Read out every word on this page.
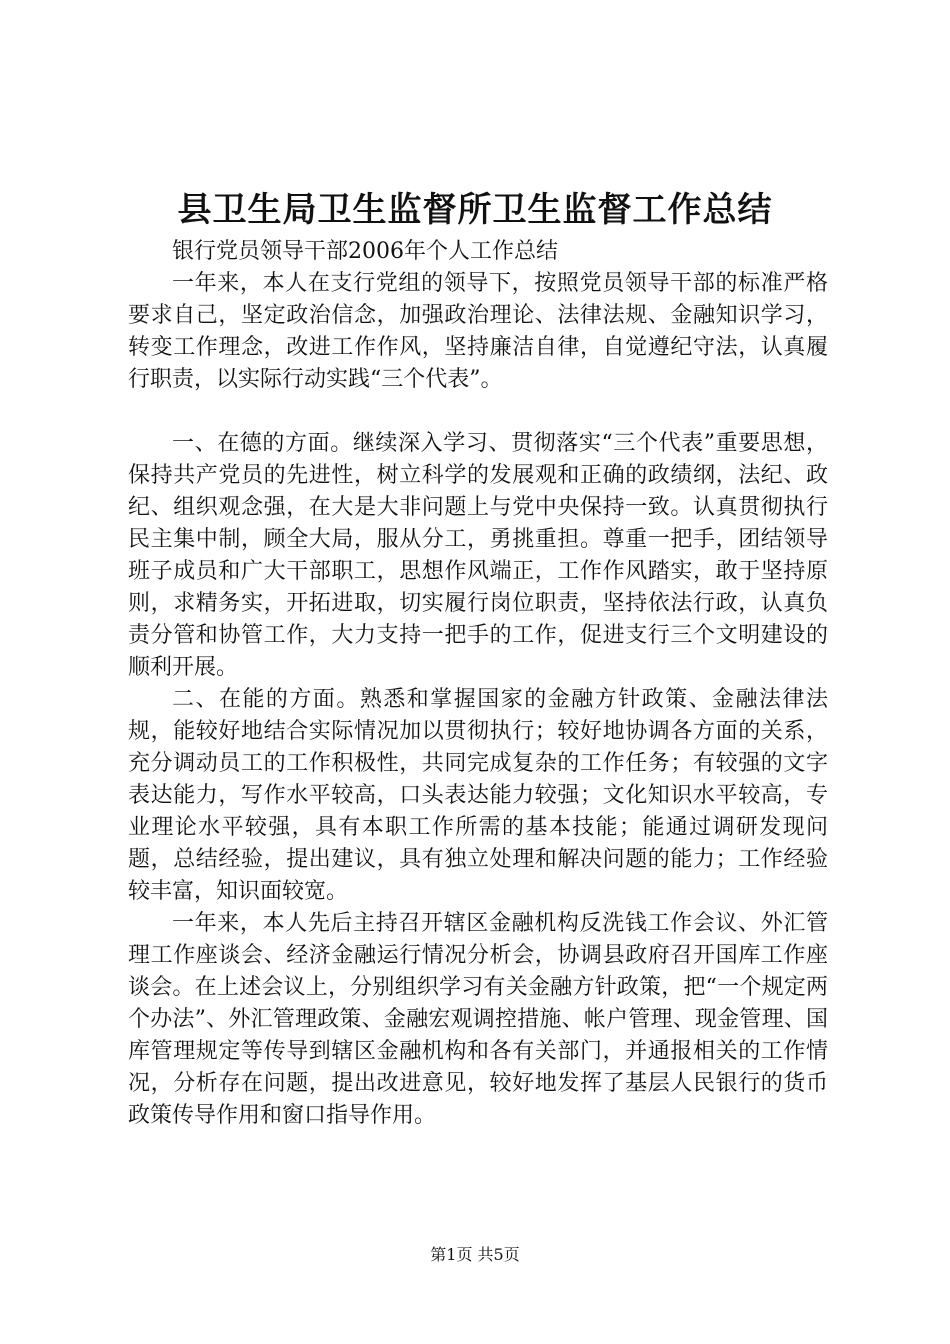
县卫生局卫生监督所卫生监督工作总结

银行党员领导干部2006年个人工作总结

一年来，本人在支行党组的领导下，按照党员领导干部的标准严格要求自己，坚定政治信念，加强政治理论、法律法规、金融知识学习，转变工作理念，改进工作作风，坚持廉洁自律，自觉遵纪守法，认真履行职责，以实际行动实践“三个代表”。

一、在德的方面。继续深入学习、贯彻落实“三个代表”重要思想，保持共产党员的先进性，树立科学的发展观和正确的政绩纲，法纪、政纪、组织观念强，在大是大非问题上与党中央保持一致。认真贯彻执行民主集中制，顾全大局，服从分工，勇挑重担。尊重一把手，团结领导班子成员和广大干部职工，思想作风端正，工作作风踏实，敢于坚持原则，求精务实，开拓进取，切实履行岗位职责，坚持依法行政，认真负责分管和协管工作，大力支持一把手的工作，促进支行三个文明建设的顺利开展。

二、在能的方面。熟悉和掌握国家的金融方针政策、金融法律法规，能较好地结合实际情况加以贯彻执行；较好地协调各方面的关系，充分调动员工的工作积极性，共同完成复杂的工作任务；有较强的文字表达能力，写作水平较高，口头表达能力较强；文化知识水平较高，专业理论水平较强，具有本职工作所需的基本技能；能通过调研发现问题，总结经验，提出建议，具有独立处理和解决问题的能力；工作经验较丰富，知识面较宽。

一年来，本人先后主持召开辖区金融机构反洗钱工作会议、外汇管理工作座谈会、经济金融运行情况分析会，协调县政府召开国库工作座谈会。在上述会议上，分别组织学习有关金融方针政策，把“一个规定两个办法”、外汇管理政策、金融宏观调控措施、帐户管理、现金管理、国库管理规定等传导到辖区金融机构和各有关部门，并通报相关的工作情况，分析存在问题，提出改进意见，较好地发挥了基层人民银行的货币政策传导作用和窗口指导作用。

第1页 共5页
